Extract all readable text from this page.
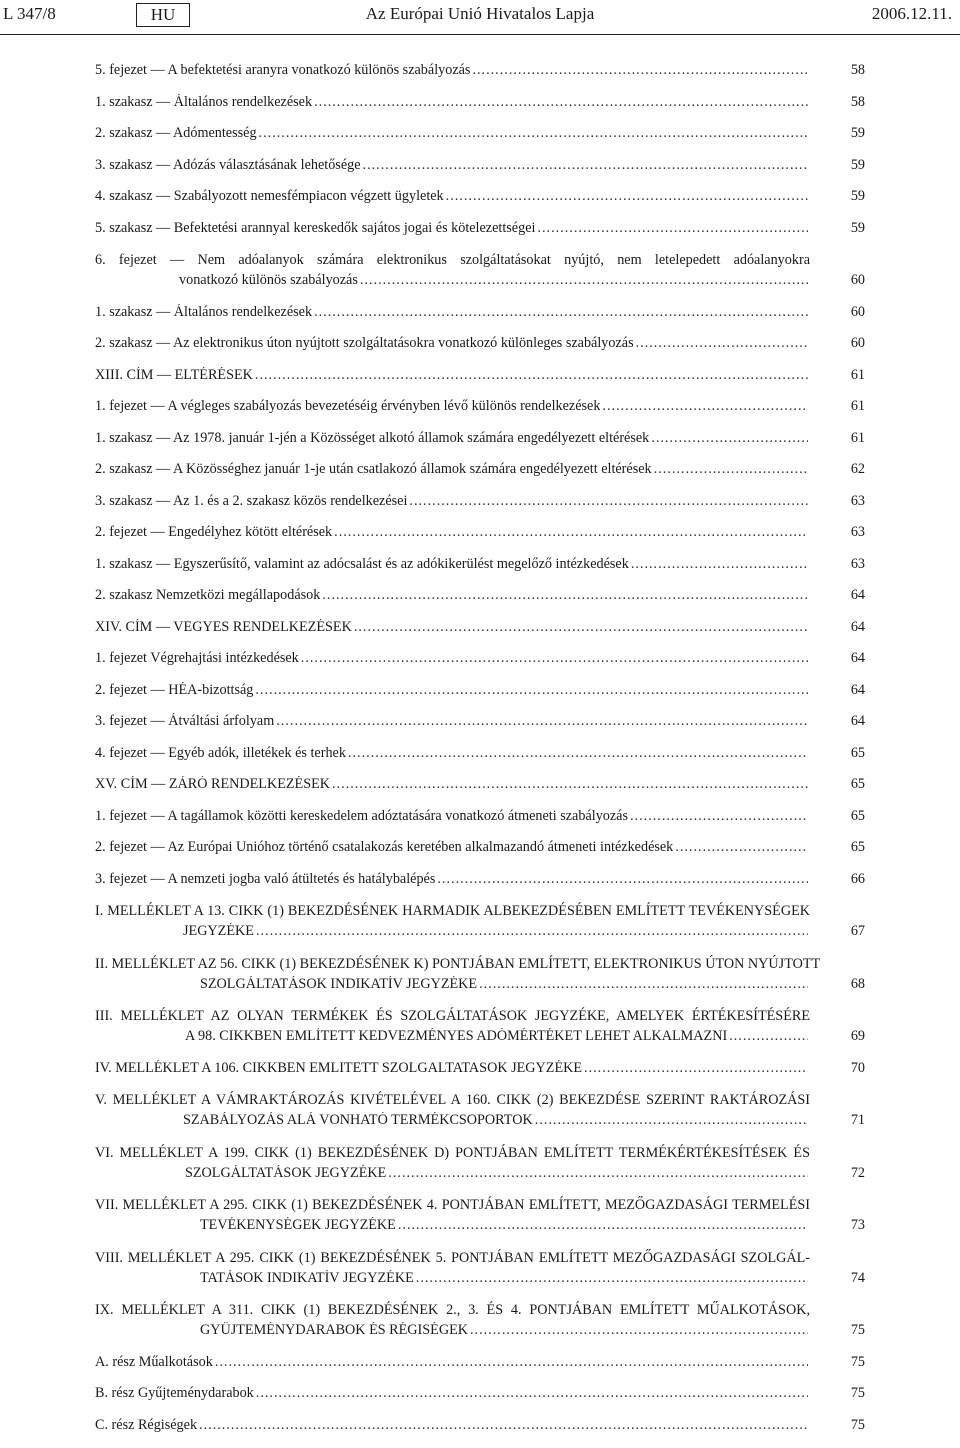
L 347/8	HU	Az Európai Unió Hivatalos Lapja	2006.12.11.
5. fejezet — A befektetési aranyra vonatkozó különös szabályozás .....	58
1. szakasz — Általános rendelkezések .....	58
2. szakasz — Adómentesség .....	59
3. szakasz — Adózás választásának lehetősége .....	59
4. szakasz — Szabályozott nemesfémpiacon végzett ügyletek .....	59
5. szakasz — Befektetési arannyal kereskedők sajátos jogai és kötelezettségei .....	59
6. fejezet — Nem adóalanyok számára elektronikus szolgáltatásokat nyújtó, nem letelepedett adóalanyokra
vonatkozó különös szabályozás .....	60
1. szakasz — Általános rendelkezések .....	60
2. szakasz — Az elektronikus úton nyújtott szolgáltatásokra vonatkozó különleges szabályozás .....	60
XIII. CÍM — ELTÉRÉSEK .....	61
1. fejezet — A végleges szabályozás bevezetéséig érvényben lévő különös rendelkezések .....	61
1. szakasz — Az 1978. január 1-jén a Közösséget alkotó államok számára engedélyezett eltérések .....	61
2. szakasz — A Közösséghez január 1-je után csatlakozó államok számára engedélyezett eltérések .....	62
3. szakasz — Az 1. és a 2. szakasz közös rendelkezései .....	63
2. fejezet — Engedélyhez kötött eltérések .....	63
1. szakasz — Egyszerűsítő, valamint az adócsalást és az adókikerülést megelőző intézkedések .....	63
2. szakasz Nemzetközi megállapodások .....	64
XIV. CÍM — VEGYES RENDELKEZÉSEK .....	64
1. fejezet Végrehajtási intézkedések .....	64
2. fejezet — HÉA-bizottság .....	64
3. fejezet — Átváltási árfolyam .....	64
4. fejezet — Egyéb adók, illetékek és terhek .....	65
XV. CÍM — ZÁRÓ RENDELKEZÉSEK .....	65
1. fejezet — A tagállamok közötti kereskedelem adóztatására vonatkozó átmeneti szabályozás .....	65
2. fejezet — Az Európai Unióhoz történő csatalakozás keretében alkalmazandó átmeneti intézkedések .....	65
3. fejezet — A nemzeti jogba való átültetés és hatálybalépés .....	66
I. MELLÉKLET A 13. CIKK (1) BEKEZDÉSÉNEK HARMADIK ALBEKEZDÉSÉBEN EMLÍTETT TEVÉKENYSÉGEK
JEGYZÉKE .....	67
II. MELLÉKLET AZ 56. CIKK (1) BEKEZDÉSÉNEK K) PONTJÁBAN EMLÍTETT, ELEKTRONIKUS ÚTON NYÚJTOTT
SZOLGÁLTATÁSOK INDIKATÍV JEGYZÉKE .....	68
III. MELLÉKLET AZ OLYAN TERMÉKEK ÉS SZOLGÁLTATÁSOK JEGYZÉKE, AMELYEK ÉRTÉKESÍTÉSÉRE
A 98. CIKKBEN EMLÍTETT KEDVEZMÉNYES ADÓMÉRTÉKET LEHET ALKALMAZNI .....	69
IV. MELLÉKLET A 106. CIKKBEN EMLITETT SZOLGALTATASOK JEGYZÉKE .....	70
V. MELLÉKLET A VÁMRAKTÁROZÁS KIVÉTELÉVEL A 160. CIKK (2) BEKEZDÉSE SZERINT RAKTÁROZÁSI
SZABÁLYOZÁS ALÁ VONHATÓ TERMÉKCSOPORTOK .....	71
VI. MELLÉKLET A 199. CIKK (1) BEKEZDÉSÉNEK D) PONTJÁBAN EMLÍTETT TERMÉKÉRTÉKESÍTÉSEK ÉS
SZOLGÁLTATÁSOK JEGYZÉKE .....	72
VII. MELLÉKLET A 295. CIKK (1) BEKEZDÉSÉNEK 4. PONTJÁBAN EMLÍTETT, MEZŐGAZDASÁGI TERMELÉSI
TEVÉKENYSÉGEK JEGYZÉKE .....	73
VIII. MELLÉKLET A 295. CIKK (1) BEKEZDÉSÉNEK 5. PONTJÁBAN EMLÍTETT MEZŐGAZDASÁGI SZOLGÁL-
TATÁSOK INDIKATÍV JEGYZÉKE .....	74
IX. MELLÉKLET A 311. CIKK (1) BEKEZDÉSÉNEK 2., 3. ÉS 4. PONTJÁBAN EMLÍTETT MŰALKOTÁSOK,
GYŰJTEMÉNYDARABOK ÉS RÉGISÉGEK .....	75
A. rész Műalkotások .....	75
B. rész Gyűjteménydarabok .....	75
C. rész Régiségek .....	75
